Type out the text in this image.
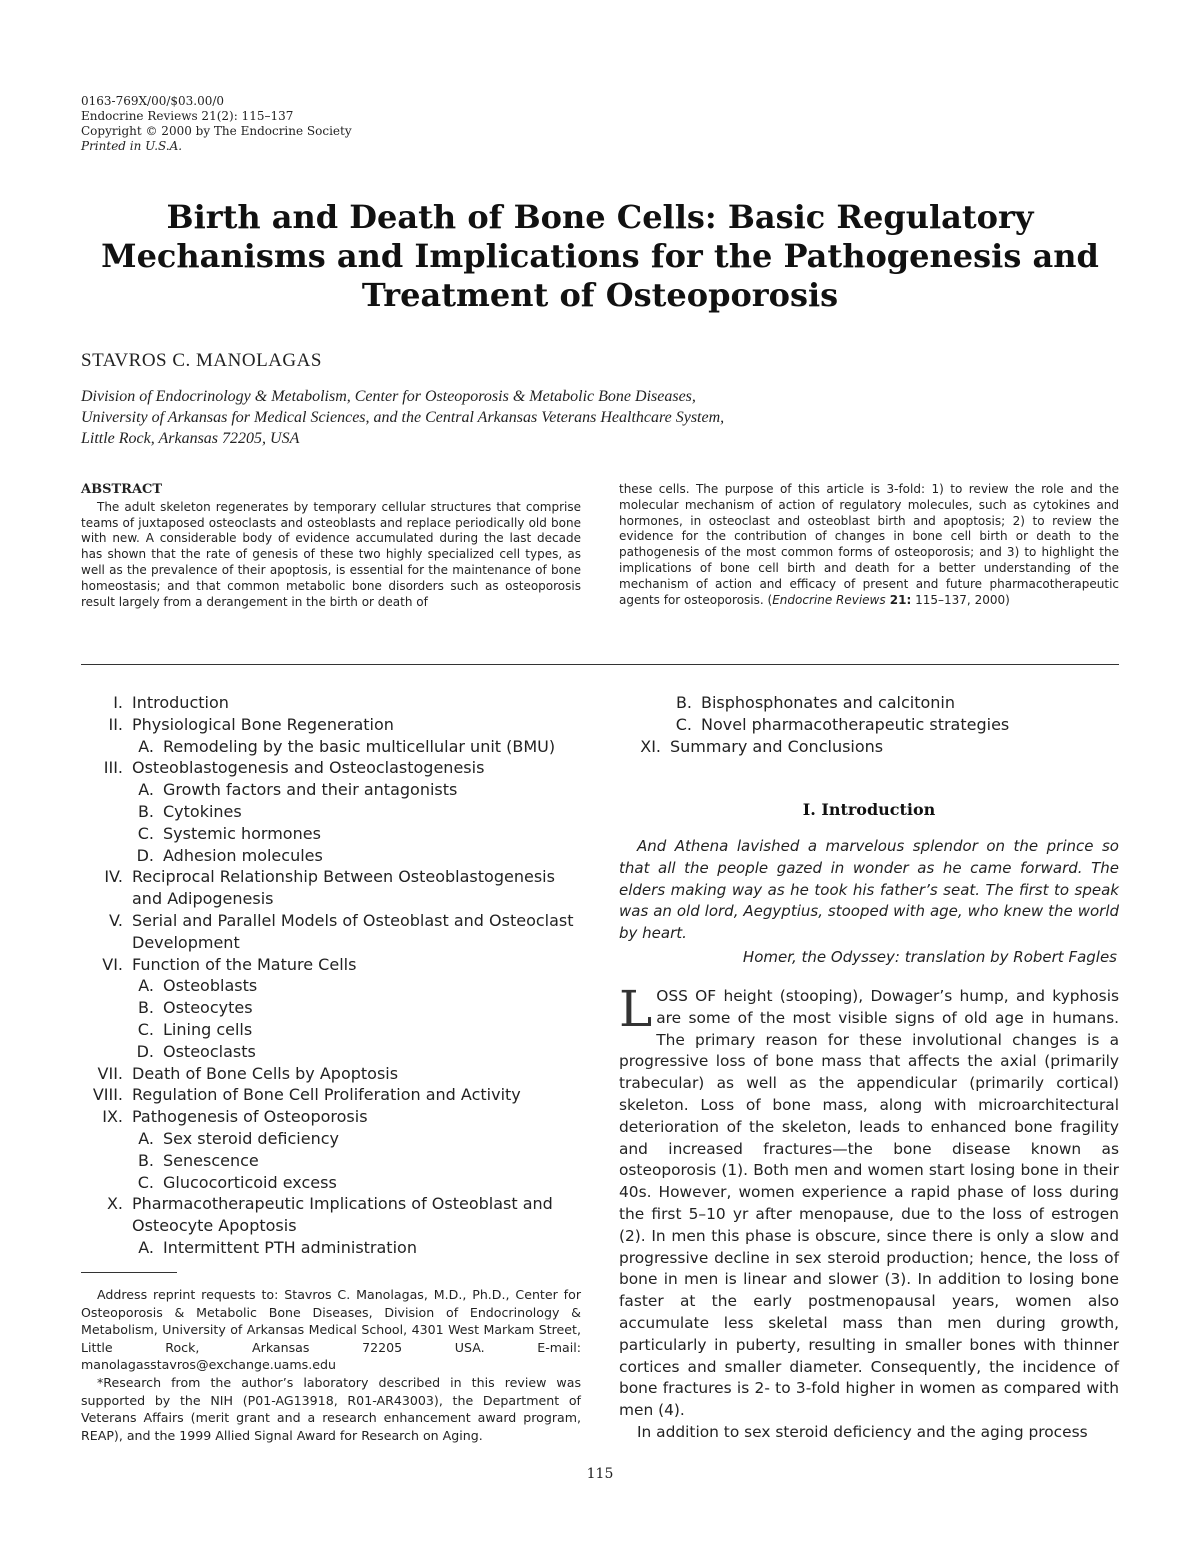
0163-769X/00/$03.00/0
Endocrine Reviews 21(2): 115–137
Copyright © 2000 by The Endocrine Society
Printed in U.S.A.
Birth and Death of Bone Cells: Basic Regulatory Mechanisms and Implications for the Pathogenesis and Treatment of Osteoporosis
STAVROS C. MANOLAGAS
Division of Endocrinology & Metabolism, Center for Osteoporosis & Metabolic Bone Diseases,
University of Arkansas for Medical Sciences, and the Central Arkansas Veterans Healthcare System,
Little Rock, Arkansas 72205, USA
ABSTRACT
The adult skeleton regenerates by temporary cellular structures that comprise teams of juxtaposed osteoclasts and osteoblasts and replace periodically old bone with new. A considerable body of evidence accumulated during the last decade has shown that the rate of genesis of these two highly specialized cell types, as well as the prevalence of their apoptosis, is essential for the maintenance of bone homeostasis; and that common metabolic bone disorders such as osteoporosis result largely from a derangement in the birth or death of
these cells. The purpose of this article is 3-fold: 1) to review the role and the molecular mechanism of action of regulatory molecules, such as cytokines and hormones, in osteoclast and osteoblast birth and apoptosis; 2) to review the evidence for the contribution of changes in bone cell birth or death to the pathogenesis of the most common forms of osteoporosis; and 3) to highlight the implications of bone cell birth and death for a better understanding of the mechanism of action and efficacy of present and future pharmacotherapeutic agents for osteoporosis. (Endocrine Reviews 21: 115–137, 2000)
I. Introduction
II. Physiological Bone Regeneration
A. Remodeling by the basic multicellular unit (BMU)
III. Osteoblastogenesis and Osteoclastogenesis
A. Growth factors and their antagonists
B. Cytokines
C. Systemic hormones
D. Adhesion molecules
IV. Reciprocal Relationship Between Osteoblastogenesis and Adipogenesis
V. Serial and Parallel Models of Osteoblast and Osteoclast Development
VI. Function of the Mature Cells
A. Osteoblasts
B. Osteocytes
C. Lining cells
D. Osteoclasts
VII. Death of Bone Cells by Apoptosis
VIII. Regulation of Bone Cell Proliferation and Activity
IX. Pathogenesis of Osteoporosis
A. Sex steroid deficiency
B. Senescence
C. Glucocorticoid excess
X. Pharmacotherapeutic Implications of Osteoblast and Osteocyte Apoptosis
A. Intermittent PTH administration
B. Bisphosphonates and calcitonin
C. Novel pharmacotherapeutic strategies
XI. Summary and Conclusions
I. Introduction
And Athena lavished a marvelous splendor on the prince so that all the people gazed in wonder as he came forward. The elders making way as he took his father’s seat. The first to speak was an old lord, Aegyptius, stooped with age, who knew the world by heart.
Homer, the Odyssey: translation by Robert Fagles

LOSS OF height (stooping), Dowager’s hump, and kyphosis are some of the most visible signs of old age in humans. The primary reason for these involutional changes is a progressive loss of bone mass that affects the axial (primarily trabecular) as well as the appendicular (primarily cortical) skeleton. Loss of bone mass, along with microarchitectural deterioration of the skeleton, leads to enhanced bone fragility and increased fractures—the bone disease known as osteoporosis (1). Both men and women start losing bone in their 40s. However, women experience a rapid phase of loss during the first 5–10 yr after menopause, due to the loss of estrogen (2). In men this phase is obscure, since there is only a slow and progressive decline in sex steroid production; hence, the loss of bone in men is linear and slower (3). In addition to losing bone faster at the early postmenopausal years, women also accumulate less skeletal mass than men during growth, particularly in puberty, resulting in smaller bones with thinner cortices and smaller diameter. Consequently, the incidence of bone fractures is 2- to 3-fold higher in women as compared with men (4).

In addition to sex steroid deficiency and the aging process

Address reprint requests to: Stavros C. Manolagas, M.D., Ph.D., Center for Osteoporosis & Metabolic Bone Diseases, Division of Endocrinology & Metabolism, University of Arkansas Medical School, 4301 West Markam Street, Little Rock, Arkansas 72205 USA. E-mail: manolagasstavros@exchange.uams.edu

*Research from the author’s laboratory described in this review was supported by the NIH (P01-AG13918, R01-AR43003), the Department of Veterans Affairs (merit grant and a research enhancement award program, REAP), and the 1999 Allied Signal Award for Research on Aging.

115
